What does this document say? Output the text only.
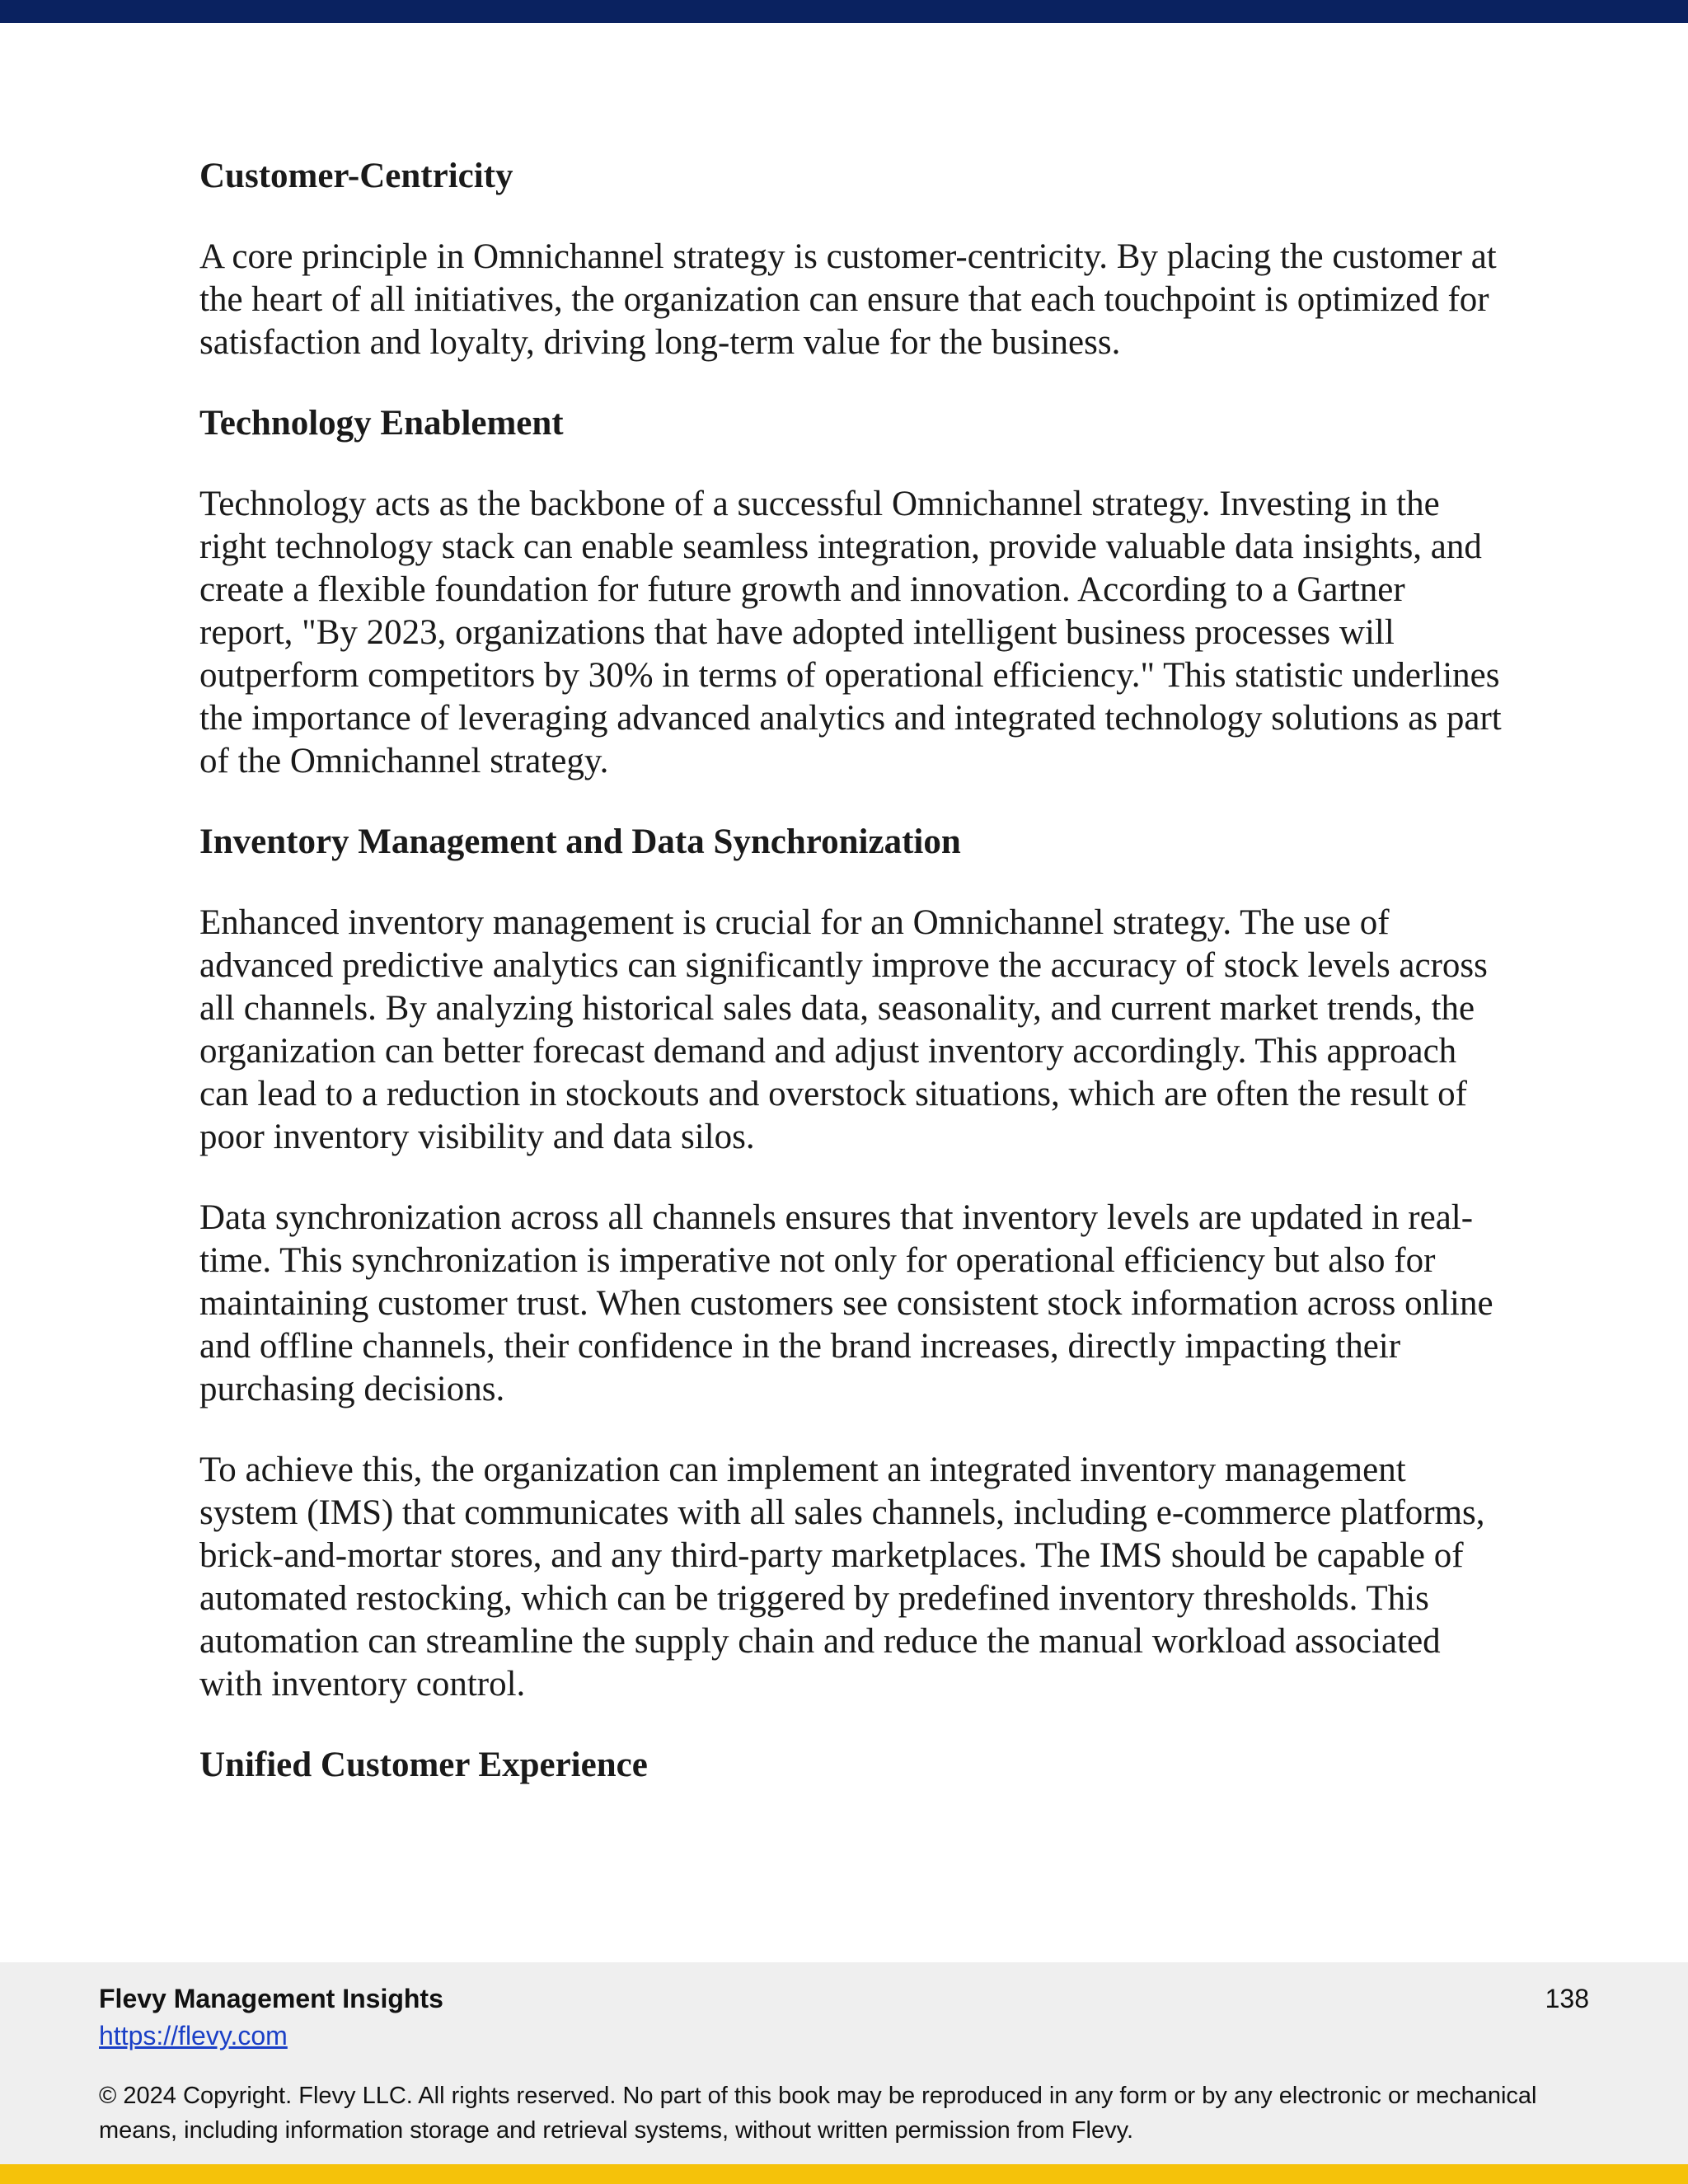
Customer-Centricity

A core principle in Omnichannel strategy is customer-centricity. By placing the customer at the heart of all initiatives, the organization can ensure that each touchpoint is optimized for satisfaction and loyalty, driving long-term value for the business.

Technology Enablement

Technology acts as the backbone of a successful Omnichannel strategy. Investing in the right technology stack can enable seamless integration, provide valuable data insights, and create a flexible foundation for future growth and innovation. According to a Gartner report, "By 2023, organizations that have adopted intelligent business processes will outperform competitors by 30% in terms of operational efficiency." This statistic underlines the importance of leveraging advanced analytics and integrated technology solutions as part of the Omnichannel strategy.

Inventory Management and Data Synchronization

Enhanced inventory management is crucial for an Omnichannel strategy. The use of advanced predictive analytics can significantly improve the accuracy of stock levels across all channels. By analyzing historical sales data, seasonality, and current market trends, the organization can better forecast demand and adjust inventory accordingly. This approach can lead to a reduction in stockouts and overstock situations, which are often the result of poor inventory visibility and data silos.

Data synchronization across all channels ensures that inventory levels are updated in real-time. This synchronization is imperative not only for operational efficiency but also for maintaining customer trust. When customers see consistent stock information across online and offline channels, their confidence in the brand increases, directly impacting their purchasing decisions.

To achieve this, the organization can implement an integrated inventory management system (IMS) that communicates with all sales channels, including e-commerce platforms, brick-and-mortar stores, and any third-party marketplaces. The IMS should be capable of automated restocking, which can be triggered by predefined inventory thresholds. This automation can streamline the supply chain and reduce the manual workload associated with inventory control.

Unified Customer Experience
Flevy Management Insights	138
https://flevy.com
© 2024 Copyright. Flevy LLC. All rights reserved. No part of this book may be reproduced in any form or by any electronic or mechanical means, including information storage and retrieval systems, without written permission from Flevy.
